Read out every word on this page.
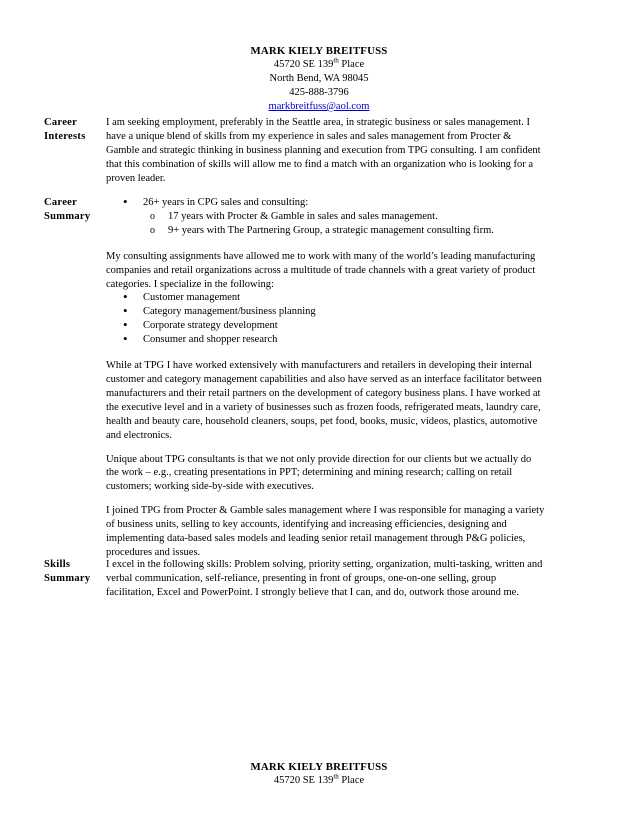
MARK KIELY BREITFUSS
45720 SE 139th Place
North Bend, WA 98045
425-888-3796
markbreitfuss@aol.com
Career
Interests

I am seeking employment, preferably in the Seattle area, in strategic business or sales management. I have a unique blend of skills from my experience in sales and sales management from Procter & Gamble and strategic thinking in business planning and execution from TPG consulting. I am confident that this combination of skills will allow me to find a match with an organization who is looking for a proven leader.

Career
Summary
• 26+ years in CPG sales and consulting:
o 17 years with Procter & Gamble in sales and sales management.
o 9+ years with The Partnering Group, a strategic management consulting firm.

My consulting assignments have allowed me to work with many of the world’s leading manufacturing companies and retail organizations across a multitude of trade channels with a great variety of product categories. I specialize in the following:

• Customer management
• Category management/business planning
• Corporate strategy development
• Consumer and shopper research

While at TPG I have worked extensively with manufacturers and retailers in developing their internal customer and category management capabilities and also have served as an interface facilitator between manufacturers and their retail partners on the development of category business plans. I have worked at the executive level and in a variety of businesses such as frozen foods, refrigerated meats, laundry care, health and beauty care, household cleaners, soups, pet food, books, music, videos, plastics, automotive and electronics.

Unique about TPG consultants is that we not only provide direction for our clients but we actually do the work – e.g., creating presentations in PPT; determining and mining research; calling on retail customers; working side-by-side with executives.

I joined TPG from Procter & Gamble sales management where I was responsible for managing a variety of business units, selling to key accounts, identifying and increasing efficiencies, designing and implementing data-based sales models and leading senior retail management through P&G policies, procedures and issues.

Skills
Summary

I excel in the following skills: Problem solving, priority setting, organization, multi-tasking, written and verbal communication, self-reliance, presenting in front of groups, one-on-one selling, group facilitation, Excel and PowerPoint. I strongly believe that I can, and do, outwork those around me.

MARK KIELY BREITFUSS
45720 SE 139th Place
